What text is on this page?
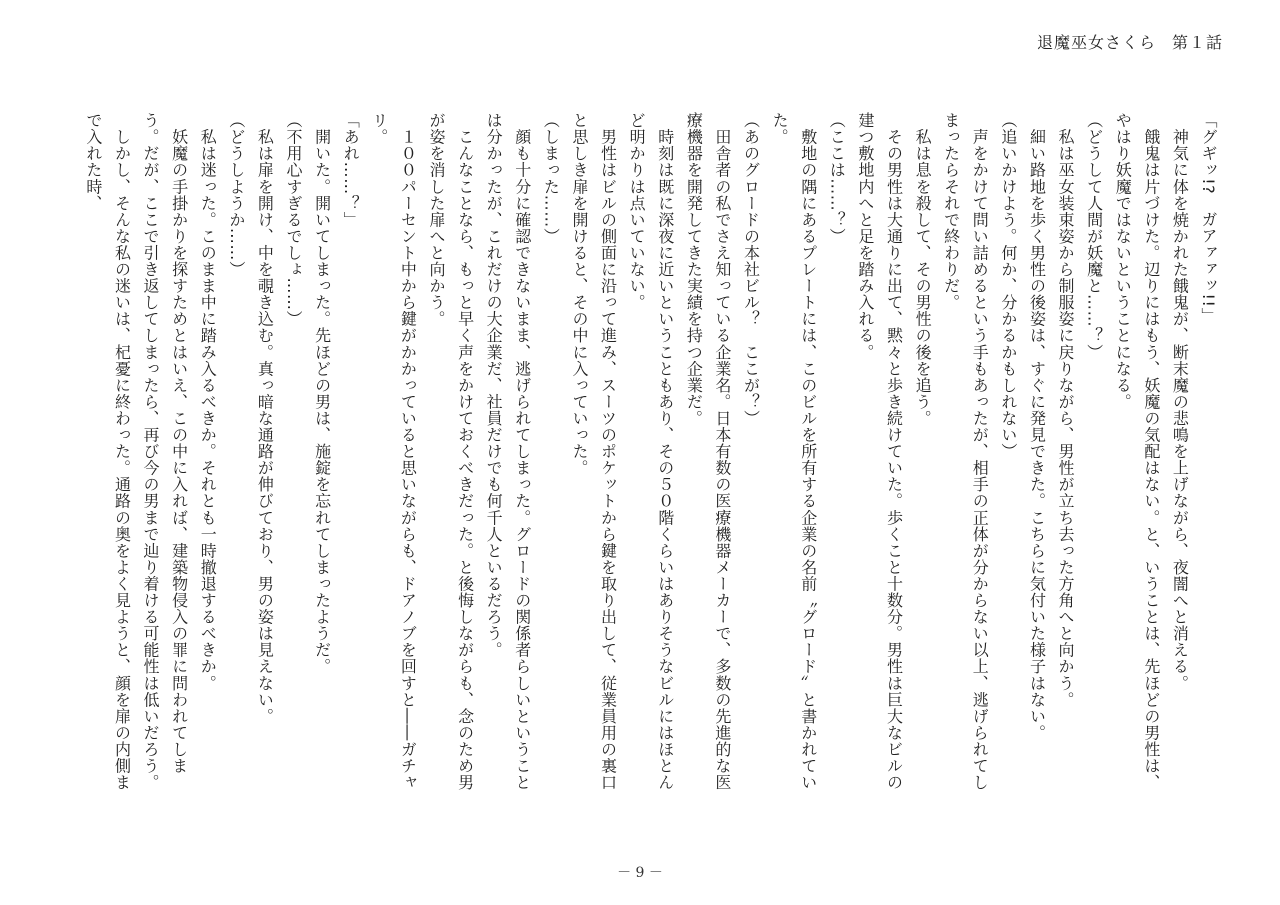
退魔巫女さくら 第１話

「グギッ!?　ガアァァッ!!」

　神気に体を焼かれた餓鬼が、断末魔の悲鳴を上げながら、夜闇へと消える。

　餓鬼は片づけた。辺りにはもう、妖魔の気配はない。と、いうことは、先ほどの男性は、やはり妖魔ではないということになる。

（どうして人間が妖魔と……？）

　私は巫女装束姿から制服姿に戻りながら、男性が立ち去った方角へと向かう。

　細い路地を歩く男性の後姿は、すぐに発見できた。こちらに気付いた様子はない。

（追いかけよう。何か、分かるかもしれない）

　声をかけて問い詰めるという手もあったが、相手の正体が分からない以上、逃げられてしまったらそれで終わりだ。

　私は息を殺して、その男性の後を追う。

　その男性は大通りに出て、黙々と歩き続けていた。歩くこと十数分。男性は巨大なビルの建つ敷地内へと足を踏み入れる。

（ここは……？）

　敷地の隅にあるプレートには、このビルを所有する企業の名前〝グロード〟と書かれていた。

（あのグロードの本社ビル？　ここが？）

　田舎者の私でさえ知っている企業名。日本有数の医療機器メーカーで、多数の先進的な医療機器を開発してきた実績を持つ企業だ。

　時刻は既に深夜に近いということもあり、その５０階くらいはありそうなビルにはほとんど明かりは点いていない。

　男性はビルの側面に沿って進み、スーツのポケットから鍵を取り出して、従業員用の裏口と思しき扉を開けると、その中に入っていった。

（しまった……）

　顔も十分に確認できないまま、逃げられてしまった。グロードの関係者らしいということは分かったが、これだけの大企業だ、社員だけでも何千人といるだろう。

　こんなことなら、もっと早く声をかけておくべきだった。と後悔しながらも、念のため男が姿を消した扉へと向かう。

　１００パーセント中から鍵がかかっていると思いながらも、ドアノブを回すと――ガチャリ。

「あれ……？」

　開いた。開いてしまった。先ほどの男は、施錠を忘れてしまったようだ。

（不用心すぎるでしょ……）

　私は扉を開け、中を覗き込む。真っ暗な通路が伸びており、男の姿は見えない。

（どうしようか……）

　私は迷った。このまま中に踏み入るべきか。それとも一時撤退するべきか。

　妖魔の手掛かりを探すためとはいえ、この中に入れば、建築物侵入の罪に問われてしまう。だが、ここで引き返してしまったら、再び今の男まで辿り着ける可能性は低いだろう。

　しかし、そんな私の迷いは、杞憂に終わった。通路の奥をよく見ようと、顔を扉の内側まで入れた時、

－ 9 －
